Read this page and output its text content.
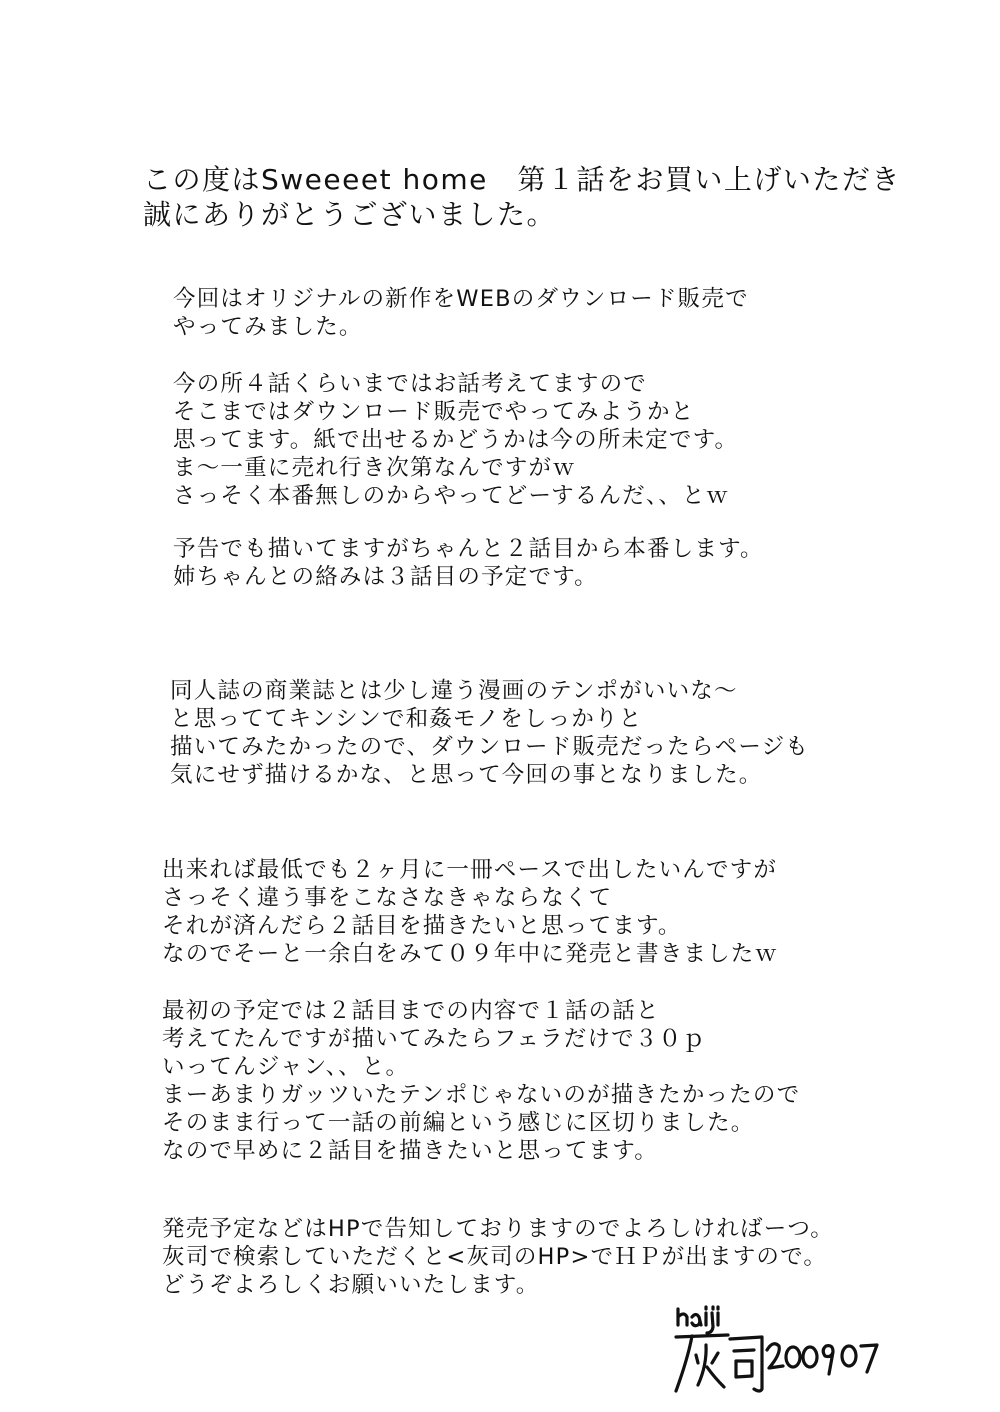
この度はSweeeet home　第１話をお買い上げいただき
誠にありがとうございました。
今回はオリジナルの新作をWEBのダウンロード販売で
やってみました。
今の所４話くらいまではお話考えてますので
そこまではダウンロード販売でやってみようかと
思ってます。紙で出せるかどうかは今の所未定です。
ま～一重に売れ行き次第なんですがｗ
さっそく本番無しのからやってどーするんだ、、とｗ
予告でも描いてますがちゃんと２話目から本番します。
姉ちゃんとの絡みは３話目の予定です。
同人誌の商業誌とは少し違う漫画のテンポがいいな～
と思っててキンシンで和姦モノをしっかりと
描いてみたかったので、ダウンロード販売だったらページも
気にせず描けるかな、と思って今回の事となりました。
出来れば最低でも２ヶ月に一冊ペースで出したいんですが
さっそく違う事をこなさなきゃならなくて
それが済んだら２話目を描きたいと思ってます。
なのでそーと一余白をみて０９年中に発売と書きましたｗ
最初の予定では２話目までの内容で１話の話と
考えてたんですが描いてみたらフェラだけで３０ｐ
いってんジャン、、と。
まーあまりガッツいたテンポじゃないのが描きたかったので
そのまま行って一話の前編という感じに区切りました。
なので早めに２話目を描きたいと思ってます。
発売予定などはHPで告知しておりますのでよろしければーつ。
灰司で検索していただくと<灰司のHP>でＨＰが出ますので。
どうぞよろしくお願いいたします。
